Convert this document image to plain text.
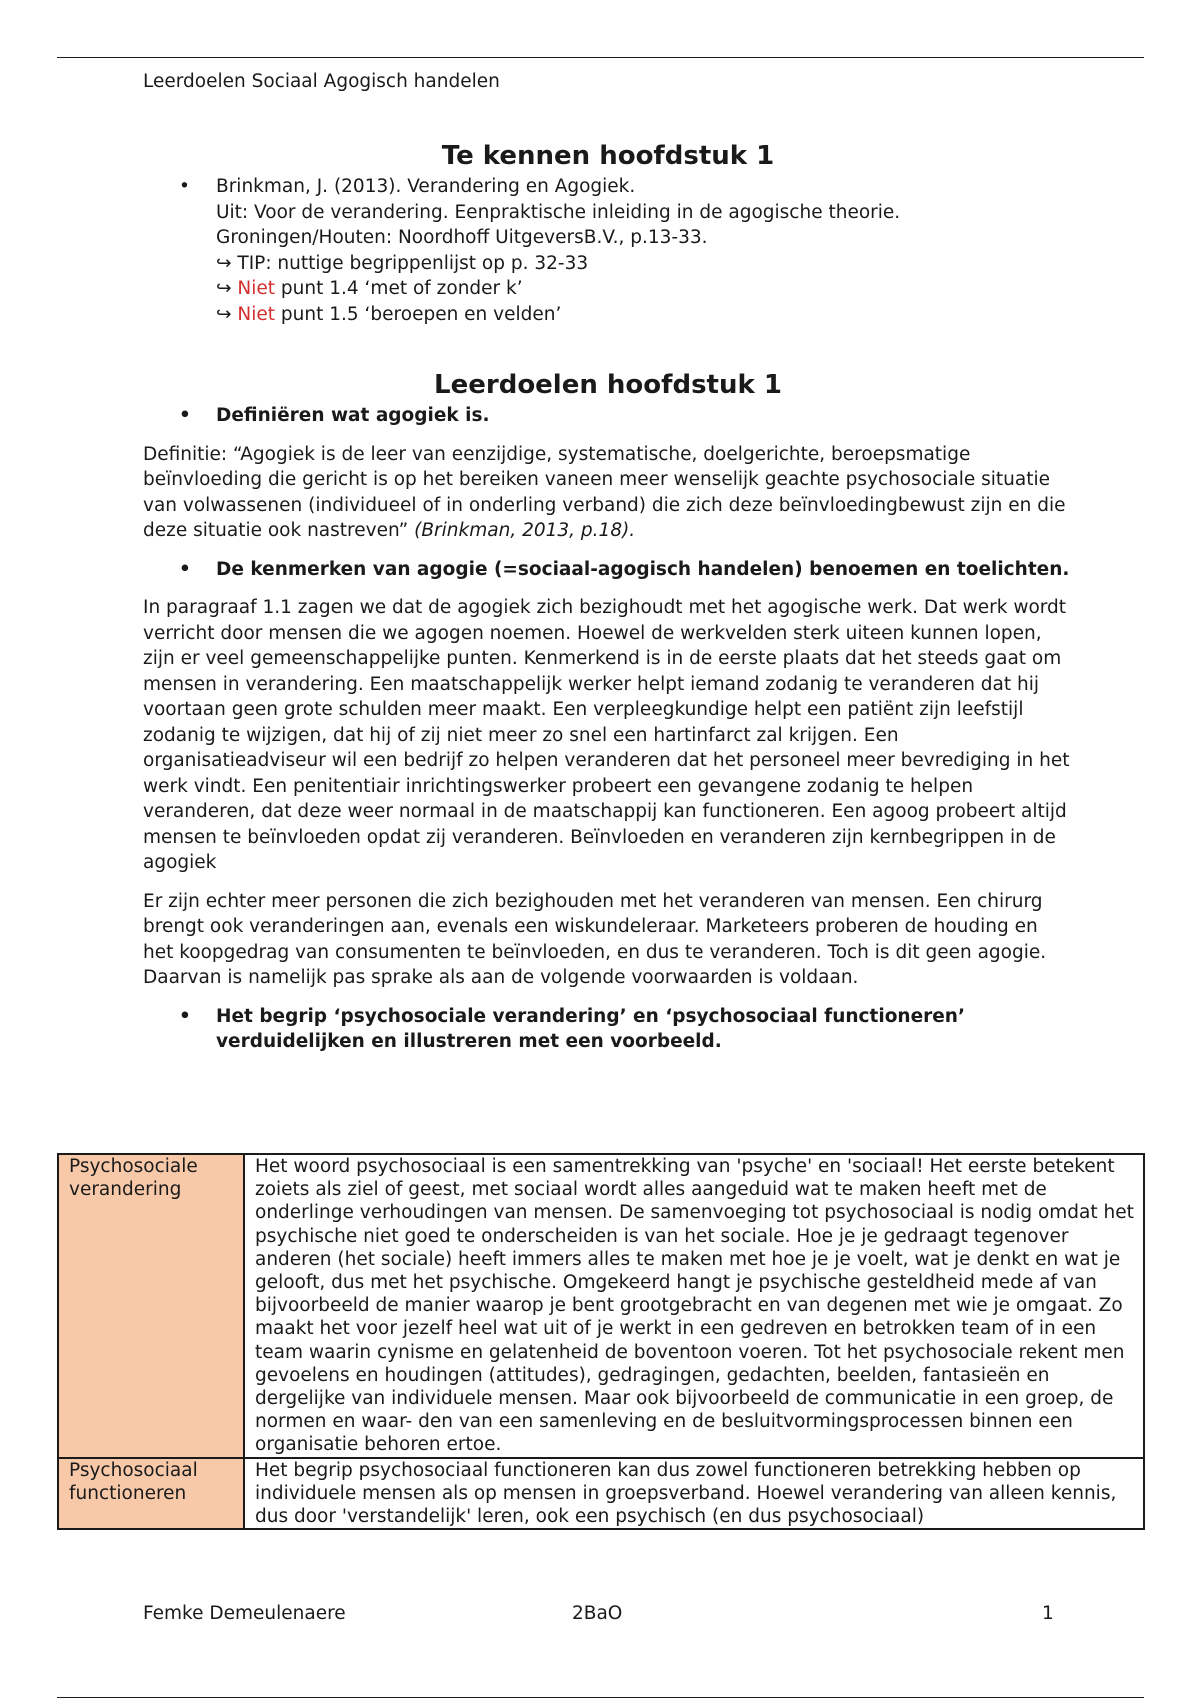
Leerdoelen Sociaal Agogisch handelen
Te kennen hoofdstuk 1
• Brinkman, J. (2013). Verandering en Agogiek.
Uit: Voor de verandering. Eenpraktische inleiding in de agogische theorie.
Groningen/Houten: Noordhoff UitgeversB.V., p.13-33.
↪ TIP: nuttige begrippenlijst op p. 32-33
↪ Niet punt 1.4 ‘met of zonder k’
↪ Niet punt 1.5 ‘beroepen en velden’
Leerdoelen hoofdstuk 1
• Definiëren wat agogiek is.

Definitie: “Agogiek is de leer van eenzijdige, systematische, doelgerichte, beroepsmatige beïnvloeding die gericht is op het bereiken vaneen meer wenselijk geachte psychosociale situatie van volwassenen (individueel of in onderling verband) die zich deze beïnvloedingbewust zijn en die deze situatie ook nastreven” (Brinkman, 2013, p.18).

• De kenmerken van agogie (=sociaal-agogisch handelen) benoemen en toelichten.

In paragraaf 1.1 zagen we dat de agogiek zich bezighoudt met het agogische werk. Dat werk wordt verricht door mensen die we agogen noemen. Hoewel de werkvelden sterk uiteen kunnen lopen, zijn er veel gemeenschappelijke punten. Kenmerkend is in de eerste plaats dat het steeds gaat om mensen in verandering. Een maatschappelijk werker helpt iemand zodanig te veranderen dat hij voortaan geen grote schulden meer maakt. Een verpleegkundige helpt een patiënt zijn leefstijl zodanig te wijzigen, dat hij of zij niet meer zo snel een hartinfarct zal krijgen. Een organisatieadviseur wil een bedrijf zo helpen veranderen dat het personeel meer bevrediging in het werk vindt. Een penitentiair inrichtingswerker probeert een gevangene zodanig te helpen veranderen, dat deze weer normaal in de maatschappij kan functioneren. Een agoog probeert altijd mensen te beïnvloeden opdat zij veranderen. Beïnvloeden en veranderen zijn kernbegrippen in de agogiek

Er zijn echter meer personen die zich bezighouden met het veranderen van mensen. Een chirurg brengt ook veranderingen aan, evenals een wiskundeleraar. Marketeers proberen de houding en het koopgedrag van consumenten te beïnvloeden, en dus te veranderen. Toch is dit geen agogie. Daarvan is namelijk pas sprake als aan de volgende voorwaarden is voldaan.

• Het begrip ‘psychosociale verandering’ en ‘psychosociaal functioneren’ verduidelijken en illustreren met een voorbeeld.
Psychosociale verandering	Het woord psychosociaal is een samentrekking van 'psyche' en 'sociaal! Het eerste betekent zoiets als ziel of geest, met sociaal wordt alles aangeduid wat te maken heeft met de onderlinge verhoudingen van mensen. De samenvoeging tot psychosociaal is nodig omdat het psychische niet goed te onderscheiden is van het sociale. Hoe je je gedraagt tegenover anderen (het sociale) heeft immers alles te maken met hoe je je voelt, wat je denkt en wat je gelooft, dus met het psychische. Omgekeerd hangt je psychische gesteldheid mede af van bijvoorbeeld de manier waarop je bent grootgebracht en van degenen met wie je omgaat. Zo maakt het voor jezelf heel wat uit of je werkt in een gedreven en betrokken team of in een team waarin cynisme en gelatenheid de boventoon voeren. Tot het psychosociale rekent men gevoelens en houdingen (attitudes), gedragingen, gedachten, beelden, fantasieën en dergelijke van individuele mensen. Maar ook bijvoorbeeld de communicatie in een groep, de normen en waar- den van een samenleving en de besluitvormingsprocessen binnen een organisatie behoren ertoe.
Psychosociaal functioneren	Het begrip psychosociaal functioneren kan dus zowel functioneren betrekking hebben op individuele mensen als op mensen in groepsverband. Hoewel verandering van alleen kennis, dus door 'verstandelijk' leren, ook een psychisch (en dus psychosociaal)
Femke Demeulenaere	2BaO	1
